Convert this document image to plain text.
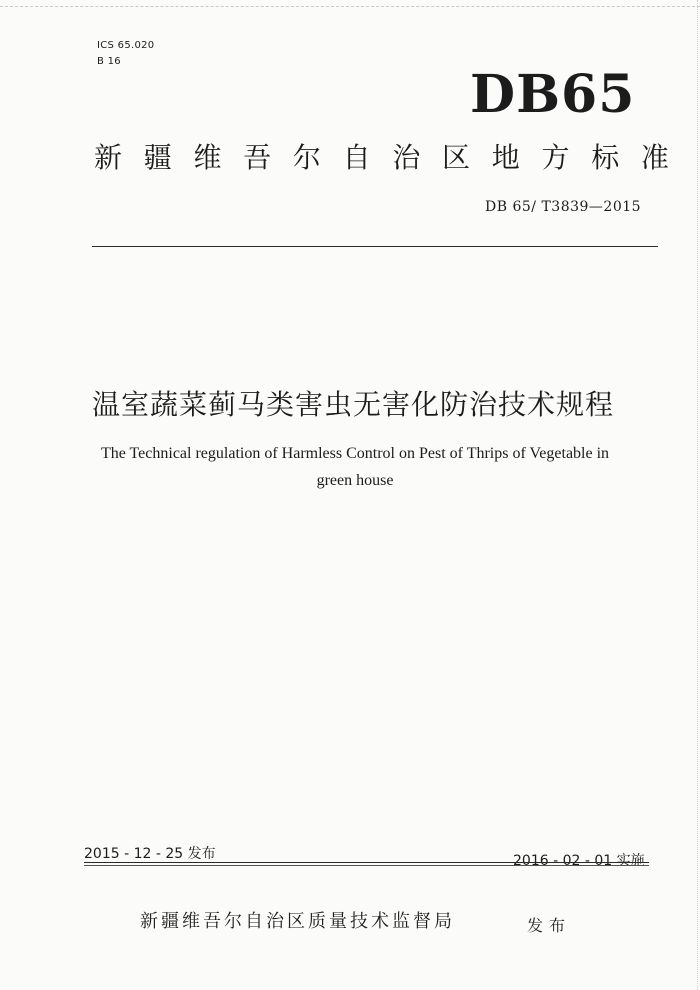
ICS 65.020
B 16
DB65
新 疆 维 吾 尔 自 治 区 地 方 标 准
DB 65/ T3839—2015
温室蔬菜蓟马类害虫无害化防治技术规程
The Technical regulation of Harmless Control on Pest of Thrips of Vegetable in
green house
2015 - 12 - 25 发布	2016 - 02 - 01 实施
新疆维吾尔自治区质量技术监督局	发布
